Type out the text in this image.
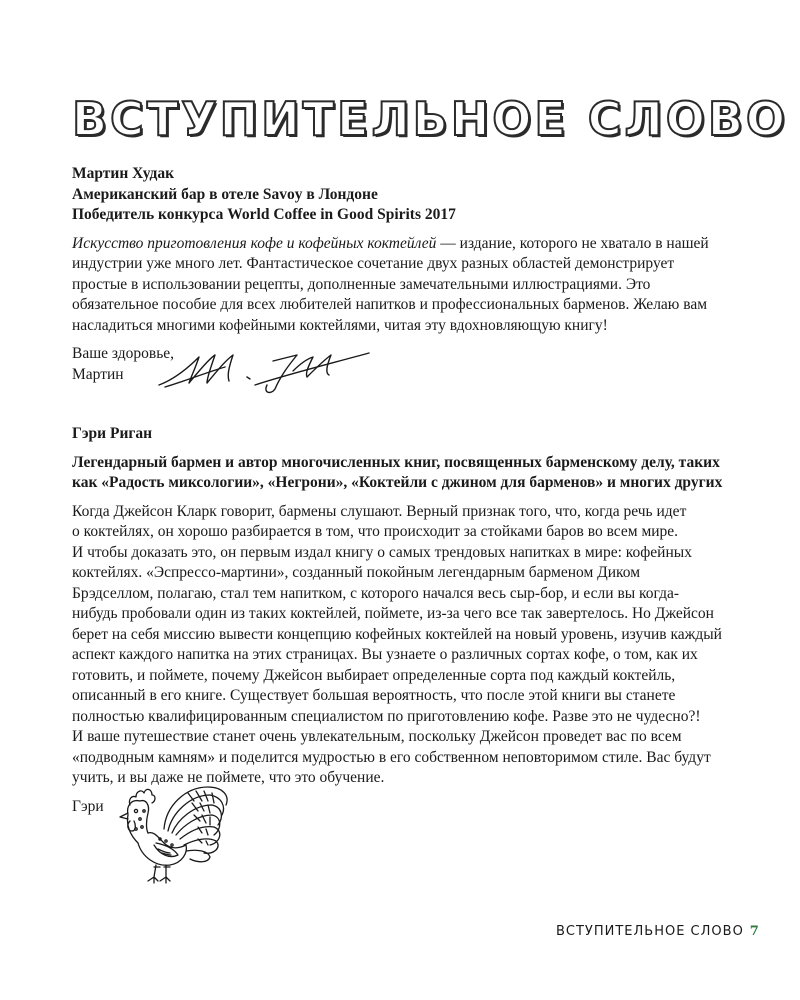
ВСТУПИТЕЛЬНОЕ СЛОВО
Мартин Худак
Американский бар в отеле Savoy в Лондоне
Победитель конкурса World Coffee in Good Spirits 2017
Искусство приготовления кофе и кофейных коктейлей — издание, которого не хватало в нашей
индустрии уже много лет. Фантастическое сочетание двух разных областей демонстрирует
простые в использовании рецепты, дополненные замечательными иллюстрациями. Это
обязательное пособие для всех любителей напитков и профессиональных барменов. Желаю вам
насладиться многими кофейными коктейлями, читая эту вдохновляющую книгу!
Ваше здоровье,
Мартин
Гэри Риган
Легендарный бармен и автор многочисленных книг, посвященных барменскому делу, таких
как «Радость миксологии», «Негрони», «Коктейли с джином для барменов» и многих других
Когда Джейсон Кларк говорит, бармены слушают. Верный признак того, что, когда речь идет
о коктейлях, он хорошо разбирается в том, что происходит за стойками баров во всем мире.
И чтобы доказать это, он первым издал книгу о самых трендовых напитках в мире: кофейных
коктейлях. «Эспрессо-мартини», созданный покойным легендарным барменом Диком
Брэдселлом, полагаю, стал тем напитком, с которого начался весь сыр-бор, и если вы когда-
нибудь пробовали один из таких коктейлей, поймете, из-за чего все так завертелось. Но Джейсон
берет на себя миссию вывести концепцию кофейных коктейлей на новый уровень, изучив каждый
аспект каждого напитка на этих страницах. Вы узнаете о различных сортах кофе, о том, как их
готовить, и поймете, почему Джейсон выбирает определенные сорта под каждый коктейль,
описанный в его книге. Существует большая вероятность, что после этой книги вы станете
полностью квалифицированным специалистом по приготовлению кофе. Разве это не чудесно?!
И ваше путешествие станет очень увлекательным, поскольку Джейсон проведет вас по всем
«подводным камням» и поделится мудростью в его собственном неповторимом стиле. Вас будут
учить, и вы даже не поймете, что это обучение.
Гэри
ВСТУПИТЕЛЬНОЕ СЛОВО 7
